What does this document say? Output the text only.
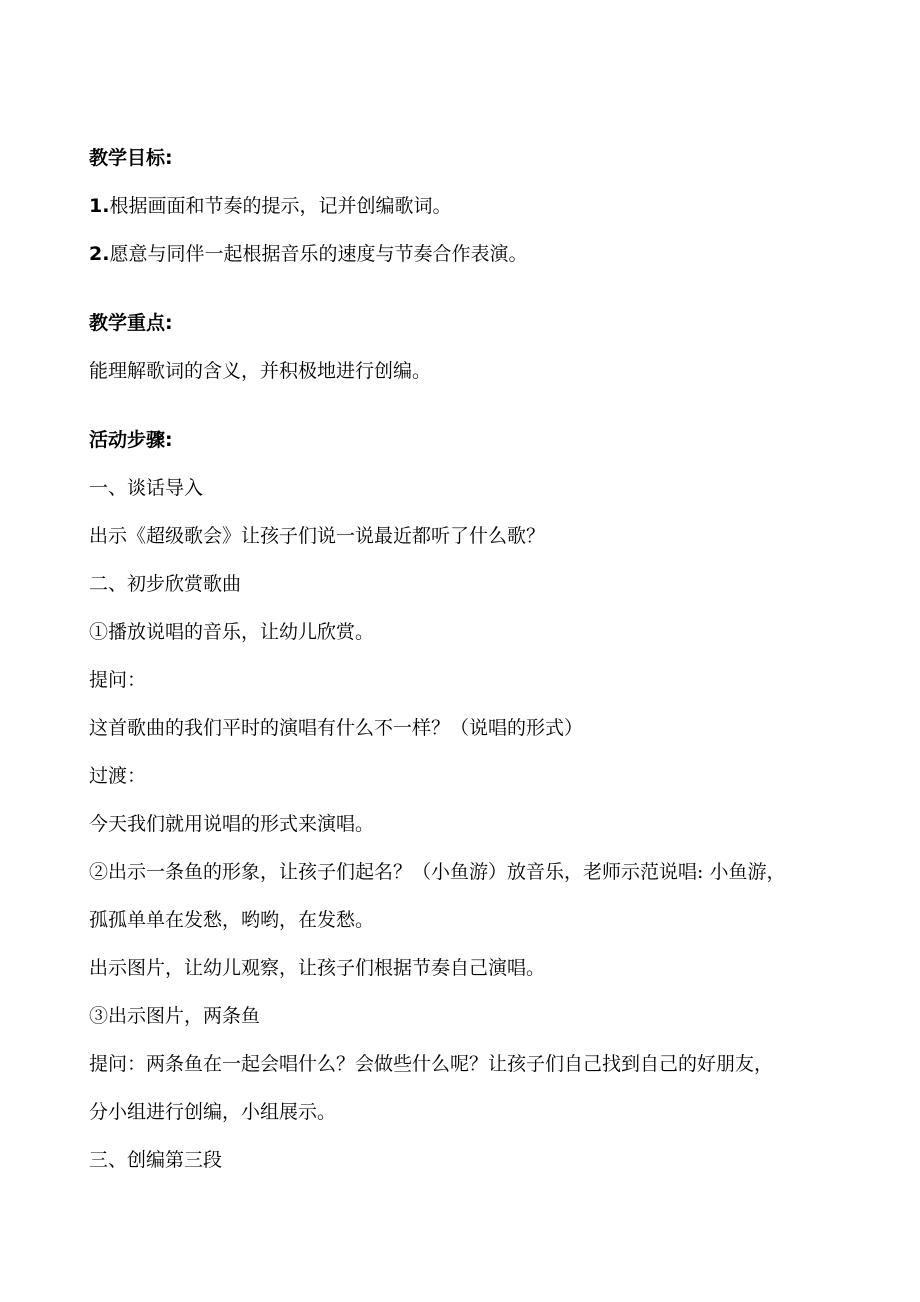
教学目标:
1.根据画面和节奏的提示，记并创编歌词。
2.愿意与同伴一起根据音乐的速度与节奏合作表演。
教学重点:
能理解歌词的含义，并积极地进行创编。
活动步骤:
一、谈话导入
出示《超级歌会》让孩子们说一说最近都听了什么歌？
二、初步欣赏歌曲
①播放说唱的音乐，让幼儿欣赏。
提问：
这首歌曲的我们平时的演唱有什么不一样？（说唱的形式）
过渡：
今天我们就用说唱的形式来演唱。
②出示一条鱼的形象，让孩子们起名？（小鱼游）放音乐，老师示范说唱: 小鱼游，
孤孤单单在发愁，哟哟，在发愁。
出示图片，让幼儿观察，让孩子们根据节奏自己演唱。
③出示图片，两条鱼
提问：两条鱼在一起会唱什么？会做些什么呢？让孩子们自己找到自己的好朋友，
分小组进行创编，小组展示。
三、创编第三段
